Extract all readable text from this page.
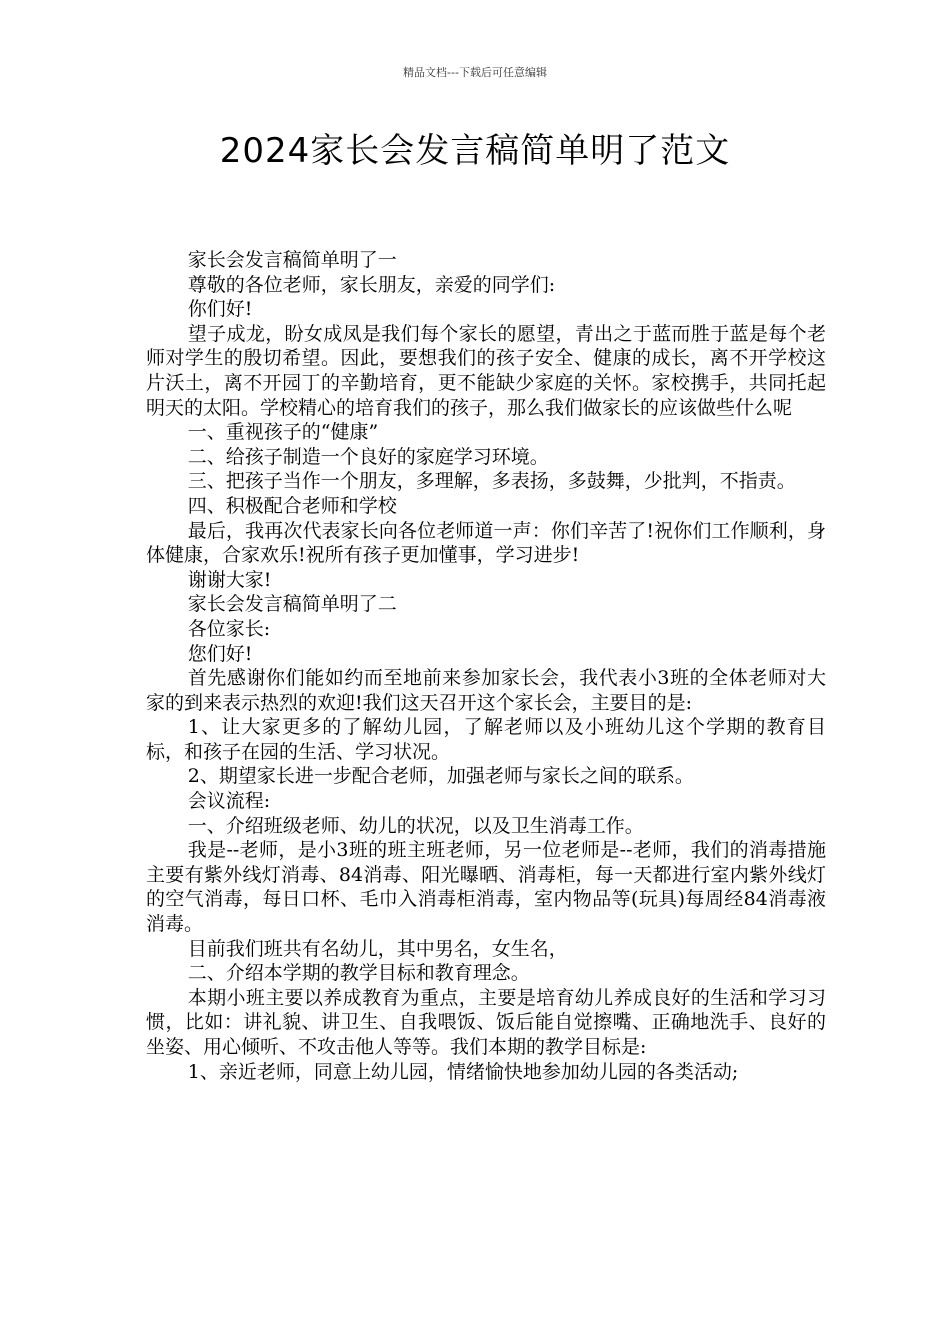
精品文档---下载后可任意编辑
2024家长会发言稿简单明了范文

家长会发言稿简单明了一

尊敬的各位老师，家长朋友，亲爱的同学们:

你们好!

望子成龙，盼女成凤是我们每个家长的愿望，青出之于蓝而胜于蓝是每个老师对学生的殷切希望。因此，要想我们的孩子安全、健康的成长，离不开学校这片沃土，离不开园丁的辛勤培育，更不能缺少家庭的关怀。家校携手，共同托起明天的太阳。学校精心的培育我们的孩子，那么我们做家长的应该做些什么呢

一、重视孩子的“健康”

二、给孩子制造一个良好的家庭学习环境。

三、把孩子当作一个朋友，多理解，多表扬，多鼓舞，少批判，不指责。

四、积极配合老师和学校

最后，我再次代表家长向各位老师道一声：你们辛苦了!祝你们工作顺利，身体健康，合家欢乐!祝所有孩子更加懂事，学习进步!

谢谢大家!

家长会发言稿简单明了二

各位家长:

您们好!

首先感谢你们能如约而至地前来参加家长会，我代表小3班的全体老师对大家的到来表示热烈的欢迎!我们这天召开这个家长会，主要目的是:

1、让大家更多的了解幼儿园，了解老师以及小班幼儿这个学期的教育目标，和孩子在园的生活、学习状况。

2、期望家长进一步配合老师，加强老师与家长之间的联系。

会议流程:

一、介绍班级老师、幼儿的状况，以及卫生消毒工作。

我是--老师，是小3班的班主班老师，另一位老师是--老师，我们的消毒措施主要有紫外线灯消毒、84消毒、阳光曝晒、消毒柜，每一天都进行室内紫外线灯的空气消毒，每日口杯、毛巾入消毒柜消毒，室内物品等(玩具)每周经84消毒液消毒。

目前我们班共有名幼儿，其中男名，女生名，

二、介绍本学期的教学目标和教育理念。

本期小班主要以养成教育为重点，主要是培育幼儿养成良好的生活和学习习惯，比如：讲礼貌、讲卫生、自我喂饭、饭后能自觉擦嘴、正确地洗手、良好的坐姿、用心倾听、不攻击他人等等。我们本期的教学目标是:

1、亲近老师，同意上幼儿园，情绪愉快地参加幼儿园的各类活动;
